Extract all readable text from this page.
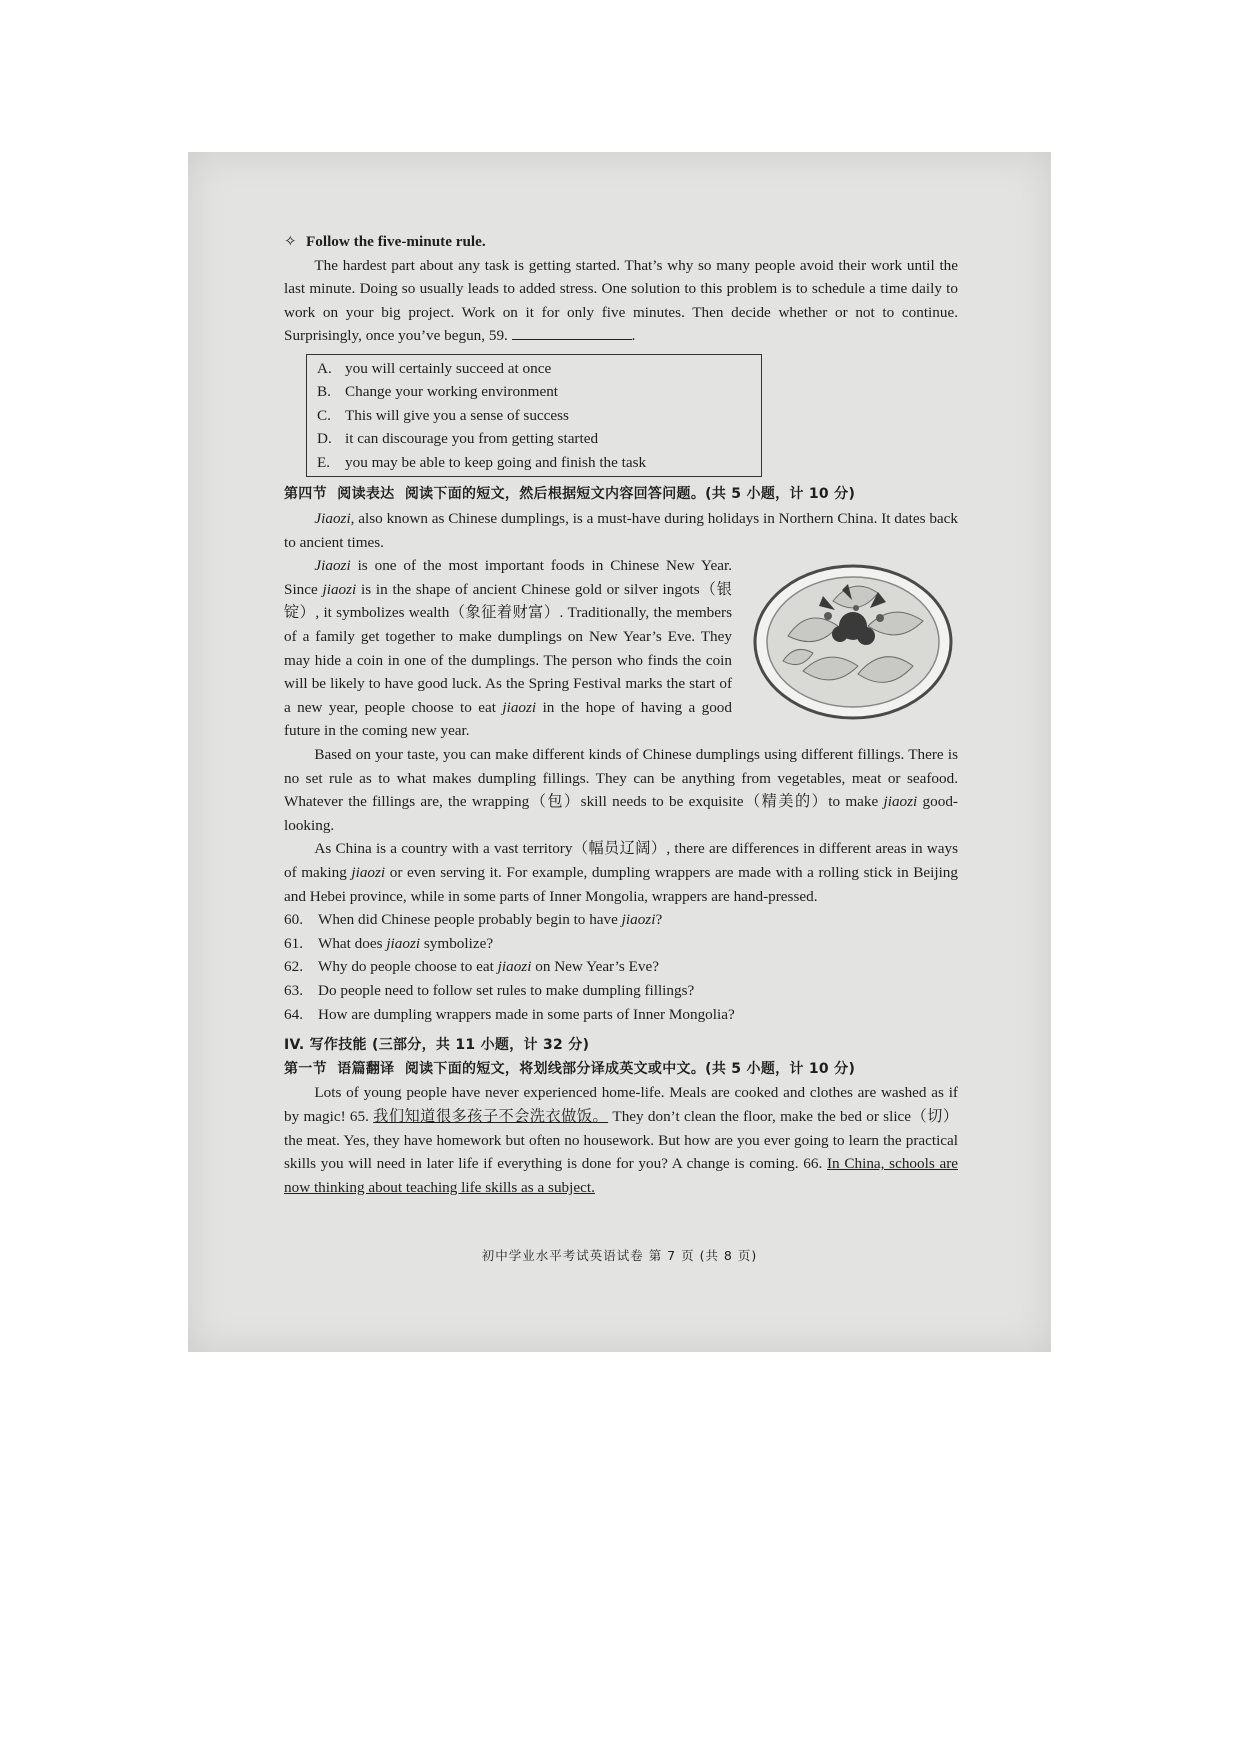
✧ Follow the five-minute rule.

The hardest part about any task is getting started. That’s why so many people avoid their work until the last minute. Doing so usually leads to added stress. One solution to this problem is to schedule a time daily to work on your big project. Work on it for only five minutes. Then decide whether or not to continue. Surprisingly, once you’ve begun, 59.	.

A. you will certainly succeed at once
B. Change your working environment
C. This will give you a sense of success
D. it can discourage you from getting started
E. you may be able to keep going and finish the task

第四节 阅读表达 阅读下面的短文，然后根据短文内容回答问题。(共 5 小题，计 10 分)

Jiaozi, also known as Chinese dumplings, is a must-have during holidays in Northern China. It dates back to ancient times.

Jiaozi is one of the most important foods in Chinese New Year. Since jiaozi is in the shape of ancient Chinese gold or silver ingots（银锭）, it symbolizes wealth（象征着财富）. Traditionally, the members of a family get together to make dumplings on New Year’s Eve. They may hide a coin in one of the dumplings. The person who finds the coin will be likely to have good luck. As the Spring Festival marks the start of a new year, people choose to eat jiaozi in the hope of having a good future in the coming new year.

Based on your taste, you can make different kinds of Chinese dumplings using different fillings. There is no set rule as to what makes dumpling fillings. They can be anything from vegetables, meat or seafood. Whatever the fillings are, the wrapping（包）skill needs to be exquisite（精美的）to make jiaozi good-looking.

As China is a country with a vast territory（幅员辽阔）, there are differences in different areas in ways of making jiaozi or even serving it. For example, dumpling wrappers are made with a rolling stick in Beijing and Hebei province, while in some parts of Inner Mongolia, wrappers are hand-pressed.

60. When did Chinese people probably begin to have jiaozi?
61. What does jiaozi symbolize?
62. Why do people choose to eat jiaozi on New Year’s Eve?
63. Do people need to follow set rules to make dumpling fillings?
64. How are dumpling wrappers made in some parts of Inner Mongolia?

IV. 写作技能 (三部分，共 11 小题，计 32 分)

第一节 语篇翻译 阅读下面的短文，将划线部分译成英文或中文。(共 5 小题，计 10 分)

Lots of young people have never experienced home-life. Meals are cooked and clothes are washed as if by magic! 65. 我们知道很多孩子不会洗衣做饭。 They don’t clean the floor, make the bed or slice（切）the meat. Yes, they have homework but often no housework. But how are you ever going to learn the practical skills you will need in later life if everything is done for you? A change is coming. 66. In China, schools are now thinking about teaching life skills as a subject.

初中学业水平考试英语试卷 第 7 页 (共 8 页)
